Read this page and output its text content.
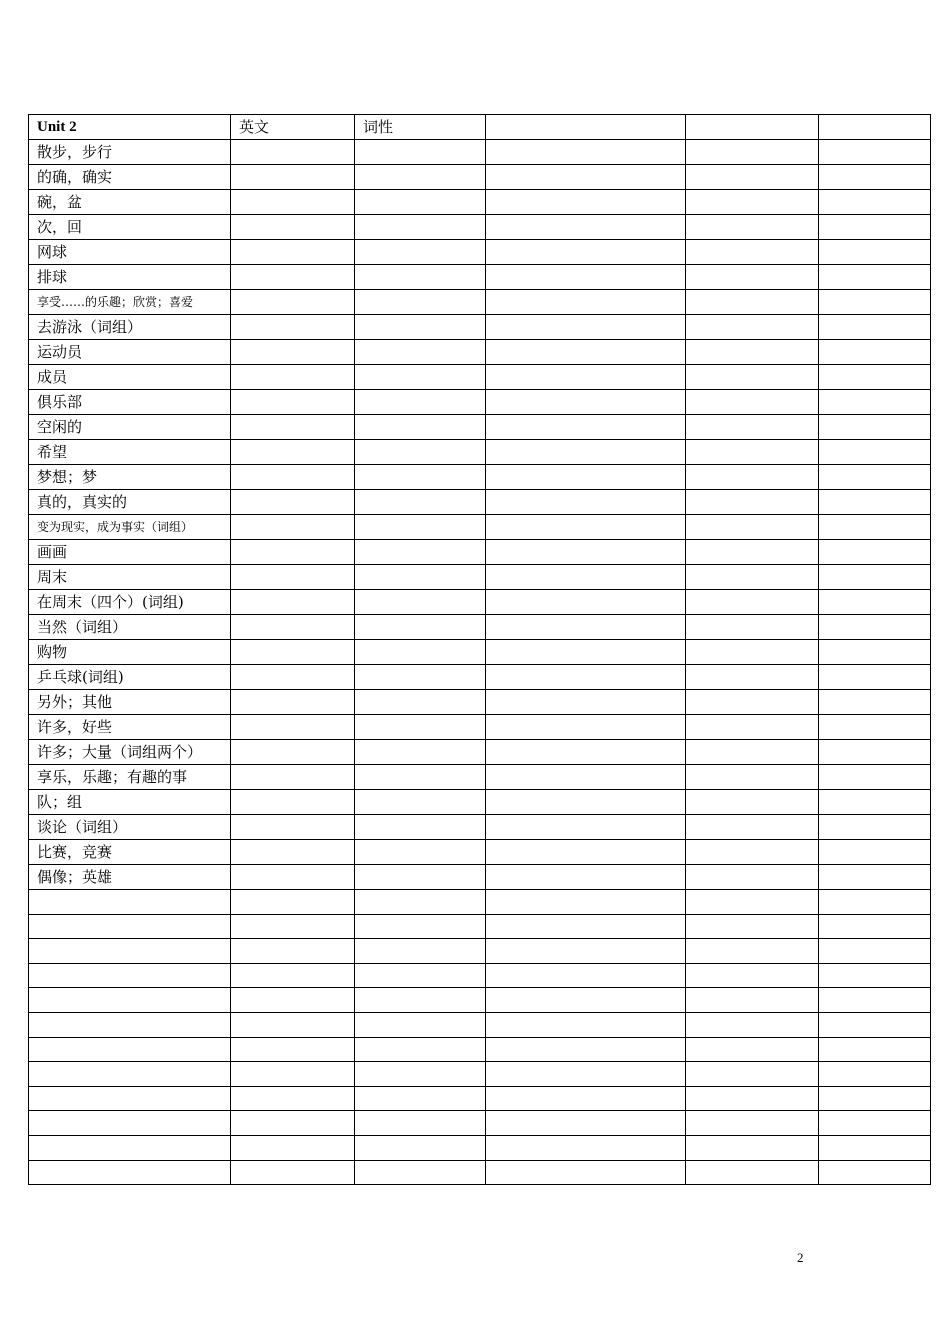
Unit 2	英文	词性			
散步，步行					
的确，确实					
碗，盆					
次，回					
网球					
排球					
享受……的乐趣；欣赏；喜爱					
去游泳（词组）					
运动员					
成员					
俱乐部					
空闲的					
希望					
梦想；梦					
真的，真实的					
变为现实，成为事实（词组）					
画画					
周末					
在周末（四个）(词组)					
当然（词组）					
购物					
乒乓球(词组)					
另外；其他					
许多，好些					
许多；大量（词组两个）					
享乐，乐趣；有趣的事					
队；组					
谈论（词组）					
比赛，竞赛					
偶像；英雄					

2
